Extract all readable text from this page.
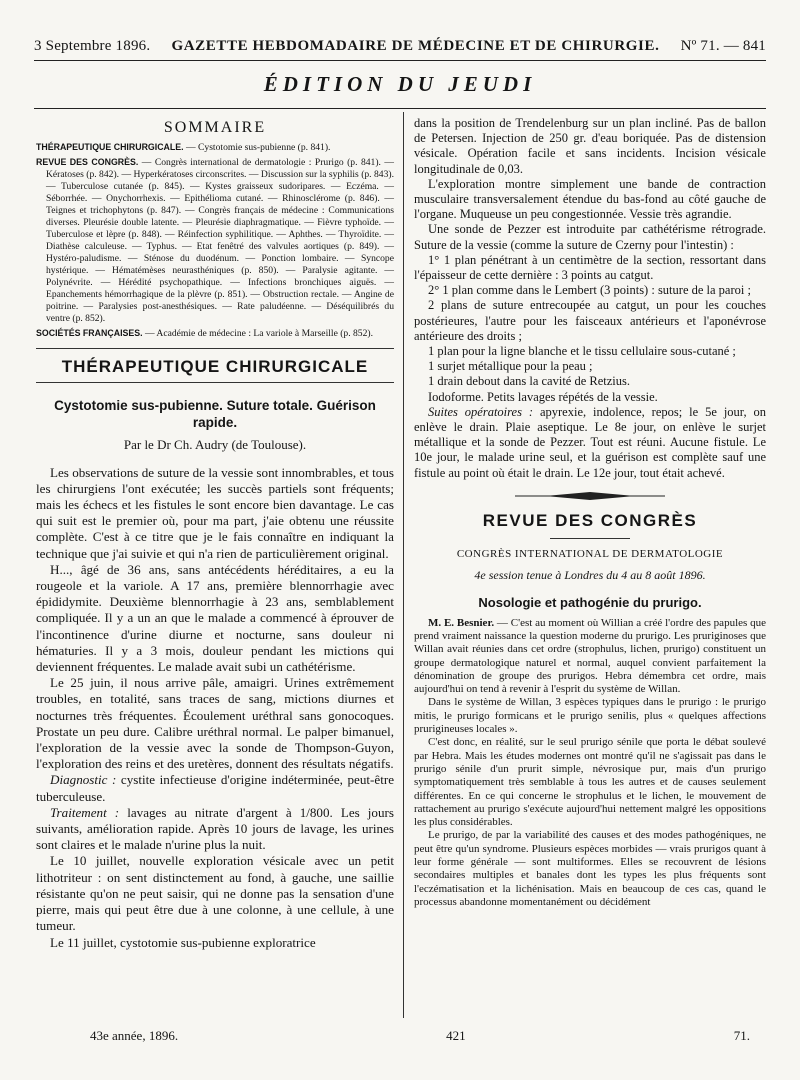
3 Septembre 1896. GAZETTE HEBDOMADAIRE DE MÉDECINE ET DE CHIRURGIE. Nº 71. — 841
ÉDITION DU JEUDI
SOMMAIRE

THÉRAPEUTIQUE CHIRURGICALE. — Cystotomie sus-pubienne (p. 841).

REVUE DES CONGRÈS. — Congrès international de dermatologie : Prurigo (p. 841). — Kératoses (p. 842). — Hyperkératoses circonscrites. — Discussion sur la syphilis (p. 843). — Tuberculose cutanée (p. 845). — Kystes graisseux sudoripares. — Eczéma. — Séborrhée. — Onychorrhexis. — Epithélioma cutané. — Rhinosclérome (p. 846). — Teignes et trichophytons (p. 847). — Congrès français de médecine : Communications diverses. Pleurésie double latente. — Pleurésie diaphragmatique. — Fièvre typhoïde. — Tuberculose et lèpre (p. 848). — Réinfection syphilitique. — Aphthes. — Thyroïdite. — Diathèse calculeuse. — Typhus. — Etat fenêtré des valvules aortiques (p. 849). — Hystéro-paludisme. — Sténose du duodénum. — Ponction lombaire. — Syncope hystérique. — Hématémèses neurasthéniques (p. 850). — Paralysie agitante. — Polynévrite. — Hérédité psychopathique. — Infections bronchiques aiguës. — Epanchements hémorrhagique de la plèvre (p. 851). — Obstruction rectale. — Angine de poitrine. — Paralysies post-anesthésiques. — Rate paludéenne. — Déséquilibrés du ventre (p. 852).

SOCIÉTÉS FRANÇAISES. — Académie de médecine : La variole à Marseille (p. 852).

THÉRAPEUTIQUE CHIRURGICALE
Cystotomie sus-pubienne. Suture totale. Guérison rapide.
Par le Dr Ch. Audry (de Toulouse).

Les observations de suture de la vessie sont innombrables, et tous les chirurgiens l'ont exécutée; les succès partiels sont fréquents; mais les échecs et les fistules le sont encore bien davantage. Le cas qui suit est le premier où, pour ma part, j'aie obtenu une réussite complète. C'est à ce titre que je le fais connaître en indiquant la technique que j'ai suivie et qui n'a rien de particulièrement original.

H..., âgé de 36 ans, sans antécédents héréditaires, a eu la rougeole et la variole. A 17 ans, première blennorrhagie avec épididymite. Deuxième blennorrhagie à 23 ans, semblablement compliquée. Il y a un an que le malade a commencé à éprouver de l'incontinence d'urine diurne et nocturne, sans douleur ni hématuries. Il y a 3 mois, douleur pendant les mictions qui deviennent fréquentes. Le malade avait subi un cathétérisme.

Le 25 juin, il nous arrive pâle, amaigri. Urines extrêmement troubles, en totalité, sans traces de sang, mictions diurnes et nocturnes très fréquentes. Écoulement uréthral sans gonocoques. Prostate un peu dure. Calibre uréthral normal. Le palper bimanuel, l'exploration de la vessie avec la sonde de Thompson-Guyon, l'exploration des reins et des uretères, donnent des résultats négatifs.

Diagnostic : cystite infectieuse d'origine indéterminée, peut-être tuberculeuse.

Traitement : lavages au nitrate d'argent à 1/800. Les jours suivants, amélioration rapide. Après 10 jours de lavage, les urines sont claires et le malade n'urine plus la nuit.

Le 10 juillet, nouvelle exploration vésicale avec un petit lithotriteur : on sent distinctement au fond, à gauche, une saillie résistante qu'on ne peut saisir, qui ne donne pas la sensation d'une pierre, mais qui peut être due à une colonne, à une cellule, à une tumeur.

Le 11 juillet, cystotomie sus-pubienne exploratrice

dans la position de Trendelenburg sur un plan incliné. Pas de ballon de Petersen. Injection de 250 gr. d'eau boriquée. Pas de distension vésicale. Opération facile et sans incidents. Incision vésicale longitudinale de 0,03.

L'exploration montre simplement une bande de contraction musculaire transversalement étendue du bas-fond au côté gauche de l'organe. Muqueuse un peu congestionnée. Vessie très agrandie.

Une sonde de Pezzer est introduite par cathétérisme rétrograde. Suture de la vessie (comme la suture de Czerny pour l'intestin) :

1° 1 plan pénétrant à un centimètre de la section, ressortant dans l'épaisseur de cette dernière : 3 points au catgut.

2° 1 plan comme dans le Lembert (3 points) : suture de la paroi ;

2 plans de suture entrecoupée au catgut, un pour les couches postérieures, l'autre pour les faisceaux antérieurs et l'aponévrose antérieure des droits ;

1 plan pour la ligne blanche et le tissu cellulaire sous-cutané ;

1 surjet métallique pour la peau ;

1 drain debout dans la cavité de Retzius.

Iodoforme. Petits lavages répétés de la vessie.

Suites opératoires : apyrexie, indolence, repos; le 5e jour, on enlève le drain. Plaie aseptique. Le 8e jour, on enlève le surjet métallique et la sonde de Pezzer. Tout est réuni. Aucune fistule. Le 10e jour, le malade urine seul, et la guérison est complète sauf une fistule au point où était le drain. Le 12e jour, tout était achevé.

REVUE DES CONGRÈS
CONGRÈS INTERNATIONAL DE DERMATOLOGIE
4e session tenue à Londres du 4 au 8 août 1896.
Nosologie et pathogénie du prurigo.

M. E. Besnier. — C'est au moment où Willian a créé l'ordre des papules que prend vraiment naissance la question moderne du prurigo. Les pruriginoses que Willan avait réunies dans cet ordre (strophulus, lichen, prurigo) constituent un groupe dermatologique naturel et normal, auquel convient parfaitement la dénomination de groupe des prurigos. Hebra démembra cet ordre, mais aujourd'hui on tend à revenir à l'esprit du système de Willan.

Dans le système de Willan, 3 espèces typiques dans le prurigo : le prurigo mitis, le prurigo formicans et le prurigo senilis, plus « quelques affections prurigineuses locales ».

C'est donc, en réalité, sur le seul prurigo sénile que porta le débat soulevé par Hebra. Mais les études modernes ont montré qu'il ne s'agissait pas dans le prurigo sénile d'un prurit simple, névrosique pur, mais d'un prurigo symptomatiquement très semblable à tous les autres et de causes seulement différentes. En ce qui concerne le strophulus et le lichen, le mouvement de rattachement au prurigo s'exécute aujourd'hui nettement malgré les oppositions les plus considérables.

Le prurigo, de par la variabilité des causes et des modes pathogéniques, ne peut être qu'un syndrome. Plusieurs espèces morbides — vrais prurigos quant à leur forme générale — sont multiformes. Elles se recouvrent de lésions secondaires multiples et banales dont les types les plus fréquents sont l'eczématisation et la lichénisation. Mais en beaucoup de ces cas, quand le processus abandonne momentanément ou décidément

43e année, 1896.	421	71.
